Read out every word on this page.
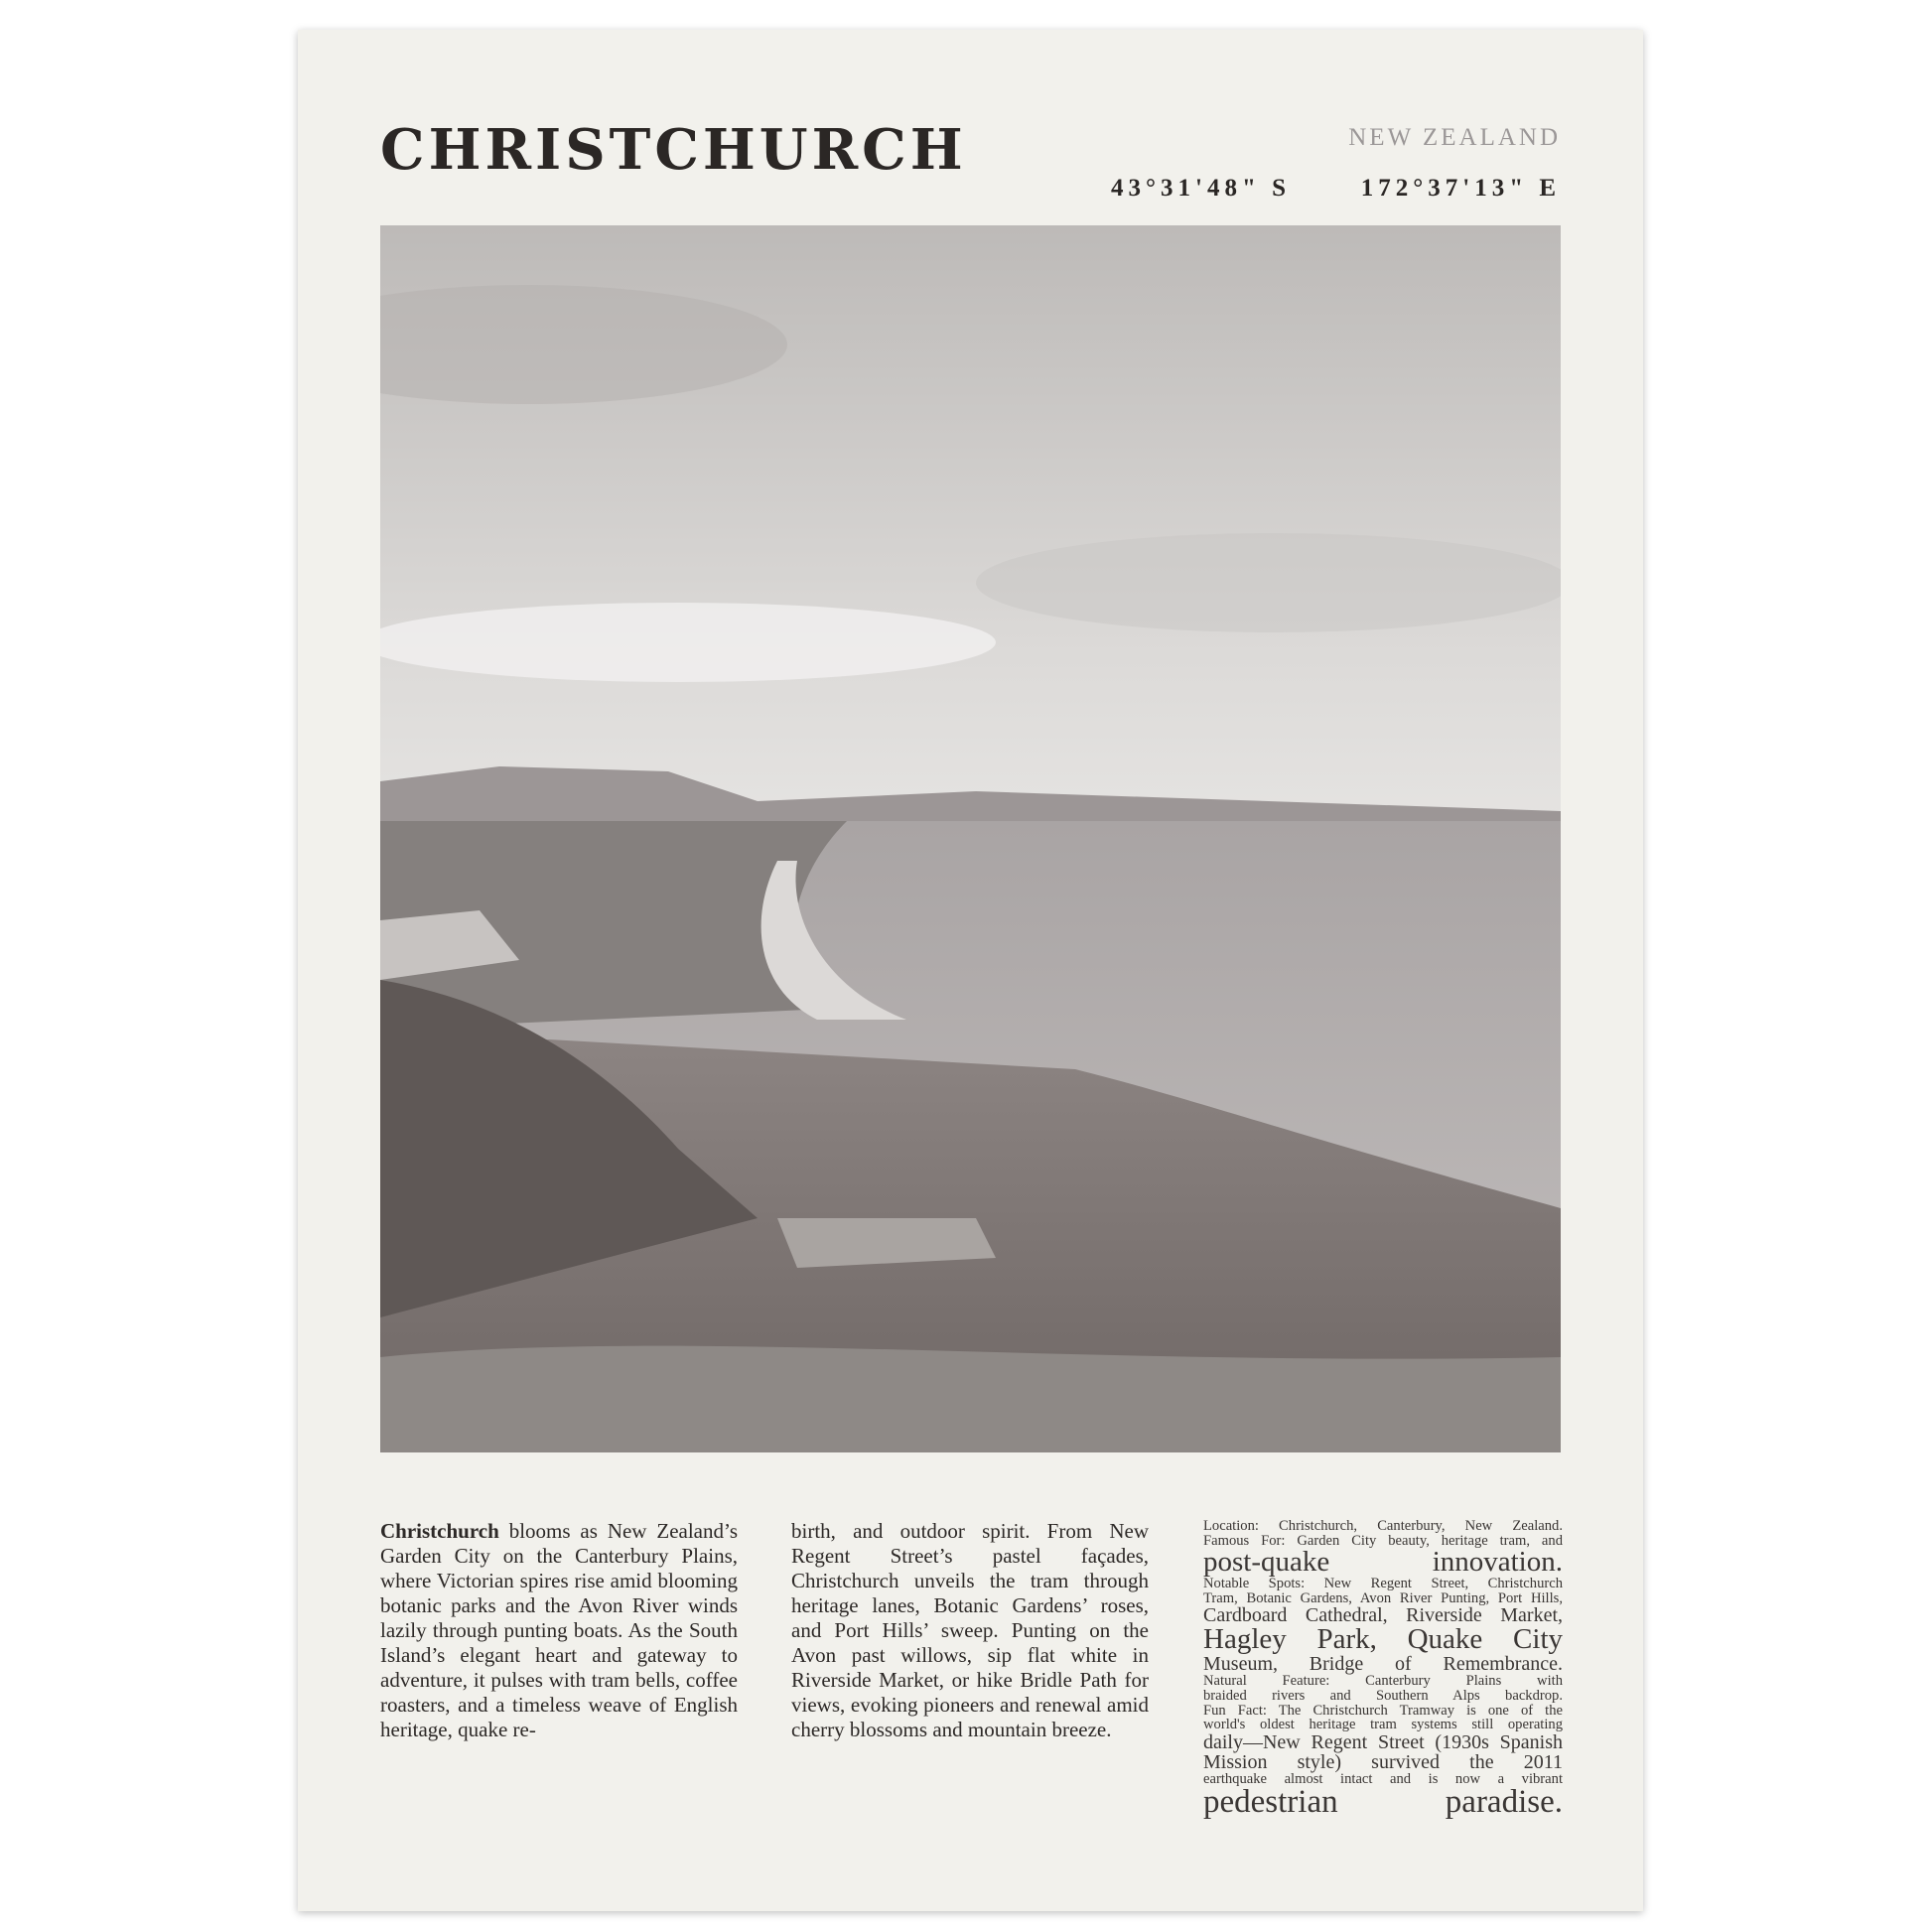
CHRISTCHURCH	NEW ZEALAND
43°31'48" S	172°37'13" E
Christchurch blooms as New Zealand’s Garden City on the Canterbury Plains, where Victorian spires rise amid blooming botanic parks and the Avon River winds lazily through punting boats. As the South Island’s elegant heart and gateway to adventure, it pulses with tram bells, coffee roasters, and a timeless weave of English heritage, quake re-
birth, and outdoor spirit. From New Regent Street’s pastel façades, Christchurch unveils the tram through heritage lanes, Botanic Gardens’ roses, and Port Hills’ sweep. Punting on the Avon past willows, sip flat white in Riverside Market, or hike Bridle Path for views, evoking pioneers and renewal amid cherry blossoms and mountain breeze.
Location: Christchurch, Canterbury, New Zealand.
Famous For: Garden City beauty, heritage tram, and
post-quake innovation.
Notable Spots: New Regent Street, Christchurch
Tram, Botanic Gardens, Avon River Punting, Port Hills,
Cardboard Cathedral, Riverside Market,
Hagley Park, Quake City
Museum, Bridge of Remembrance.
Natural Feature: Canterbury Plains with
braided rivers and Southern Alps backdrop.
Fun Fact: The Christchurch Tramway is one of the
world's oldest heritage tram systems still operating
daily—New Regent Street (1930s Spanish
Mission style) survived the 2011
earthquake almost intact and is now a vibrant
pedestrian paradise.
